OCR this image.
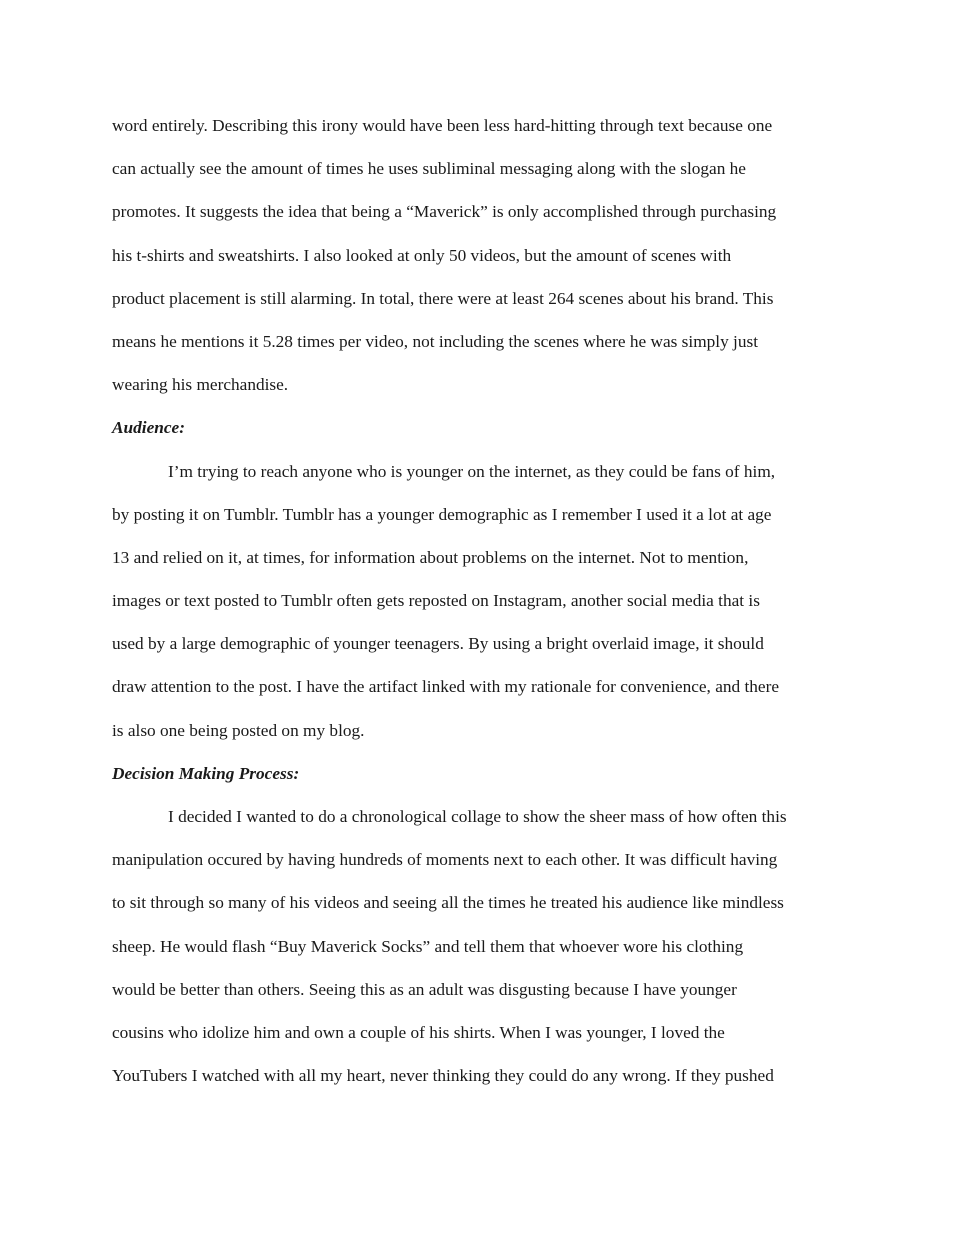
word entirely. Describing this irony would have been less hard-hitting through text because one

can actually see the amount of times he uses subliminal messaging along with the slogan he

promotes. It suggests the idea that being a “Maverick” is only accomplished through purchasing

his t-shirts and sweatshirts. I also looked at only 50 videos, but the amount of scenes with

product placement is still alarming. In total, there were at least 264 scenes about his brand. This

means he mentions it 5.28 times per video, not including the scenes where he was simply just

wearing his merchandise.

Audience:

I’m trying to reach anyone who is younger on the internet, as they could be fans of him,

by posting it on Tumblr. Tumblr has a younger demographic as I remember I used it a lot at age

13 and relied on it, at times, for information about problems on the internet. Not to mention,

images or text posted to Tumblr often gets reposted on Instagram, another social media that is

used by a large demographic of younger teenagers. By using a bright overlaid image, it should

draw attention to the post. I have the artifact linked with my rationale for convenience, and there

is also one being posted on my blog.

Decision Making Process:

I decided I wanted to do a chronological collage to show the sheer mass of how often this

manipulation occured by having hundreds of moments next to each other. It was difficult having

to sit through so many of his videos and seeing all the times he treated his audience like mindless

sheep. He would flash “Buy Maverick Socks” and tell them that whoever wore his clothing

would be better than others. Seeing this as an adult was disgusting because I have younger

cousins who idolize him and own a couple of his shirts. When I was younger, I loved the

YouTubers I watched with all my heart, never thinking they could do any wrong. If they pushed
